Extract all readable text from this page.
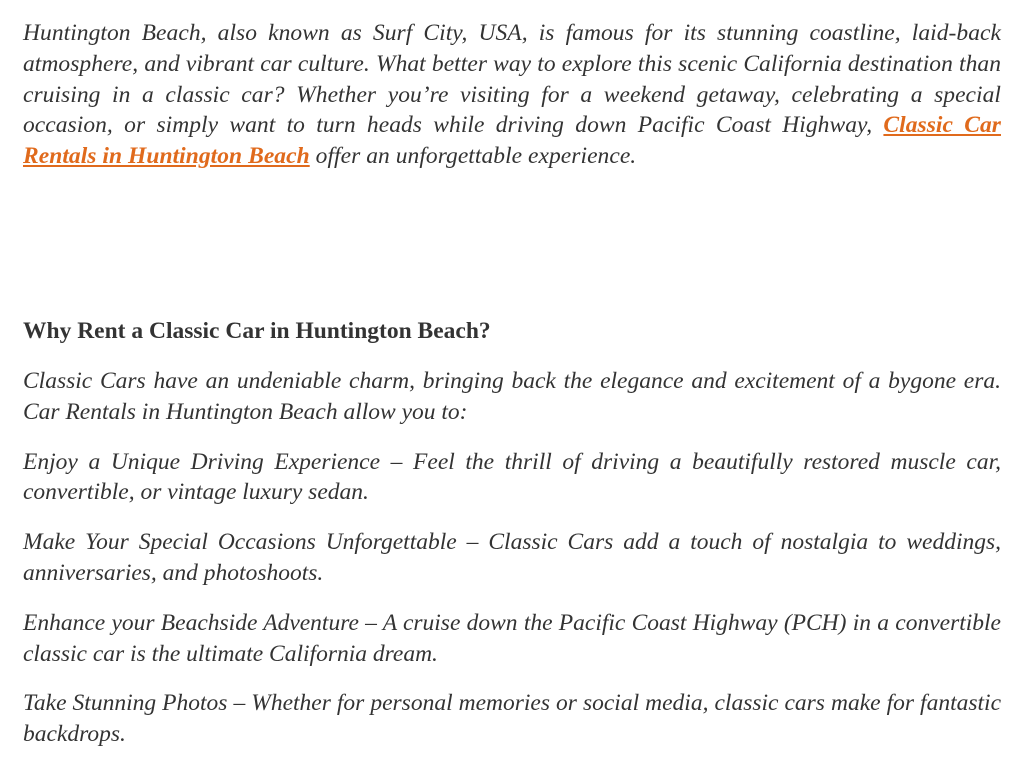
Huntington Beach, also known as Surf City, USA, is famous for its stunning coastline, laid-back atmosphere, and vibrant car culture. What better way to explore this scenic California destination than cruising in a classic car? Whether you’re visiting for a weekend getaway, celebrating a special occasion, or simply want to turn heads while driving down Pacific Coast Highway, Classic Car Rentals in Huntington Beach offer an unforgettable experience.

Why Rent a Classic Car in Huntington Beach?

Classic Cars have an undeniable charm, bringing back the elegance and excitement of a bygone era. Car Rentals in Huntington Beach allow you to:

Enjoy a Unique Driving Experience – Feel the thrill of driving a beautifully restored muscle car, convertible, or vintage luxury sedan.

Make Your Special Occasions Unforgettable – Classic Cars add a touch of nostalgia to weddings, anniversaries, and photoshoots.

Enhance your Beachside Adventure – A cruise down the Pacific Coast Highway (PCH) in a convertible classic car is the ultimate California dream.

Take Stunning Photos – Whether for personal memories or social media, classic cars make for fantastic backdrops.
